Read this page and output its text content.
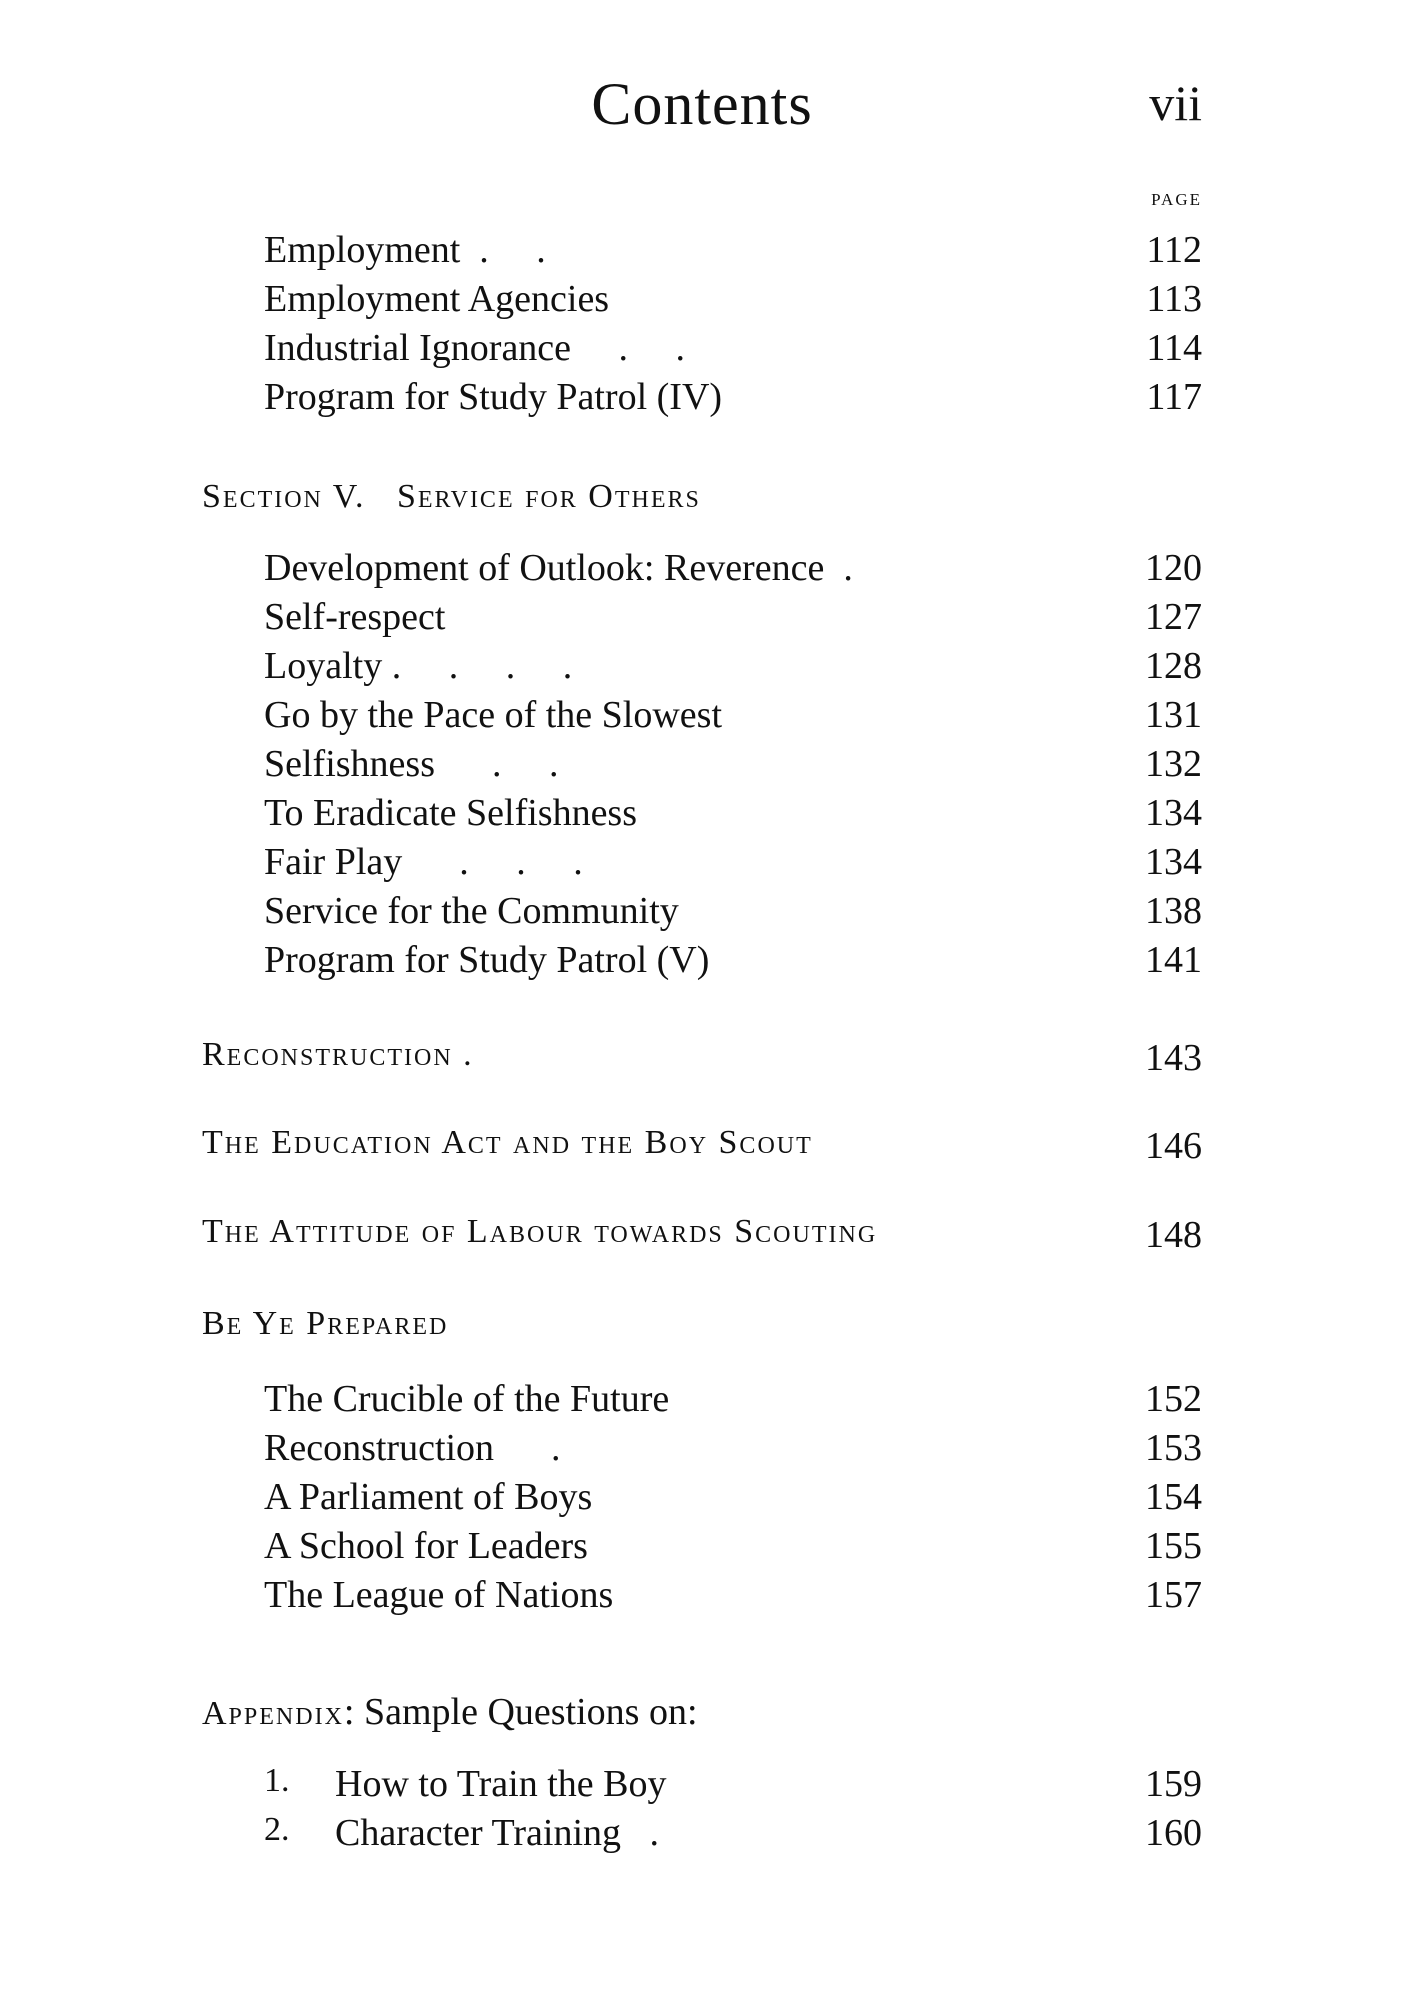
Contents	vii
PAGE
Employment  .     .	112
Employment Agencies	113
Industrial Ignorance     .     .	114
Program for Study Patrol (IV)	117
Section V.   Service for Others
Development of Outlook: Reverence  .	120
Self-respect	127
Loyalty .     .     .     .	128
Go by the Pace of the Slowest	131
Selfishness      .     .	132
To Eradicate Selfishness	134
Fair Play      .     .     .	134
Service for the Community	138
Program for Study Patrol (V)	141
Reconstruction .	143
The Education Act and the Boy Scout	146
The Attitude of Labour towards Scouting	148
Be Ye Prepared
The Crucible of the Future	152
Reconstruction      .	153
A Parliament of Boys	154
A School for Leaders	155
The League of Nations	157
Appendix: Sample Questions on:
1. How to Train the Boy	159
2. Character Training   .	160
